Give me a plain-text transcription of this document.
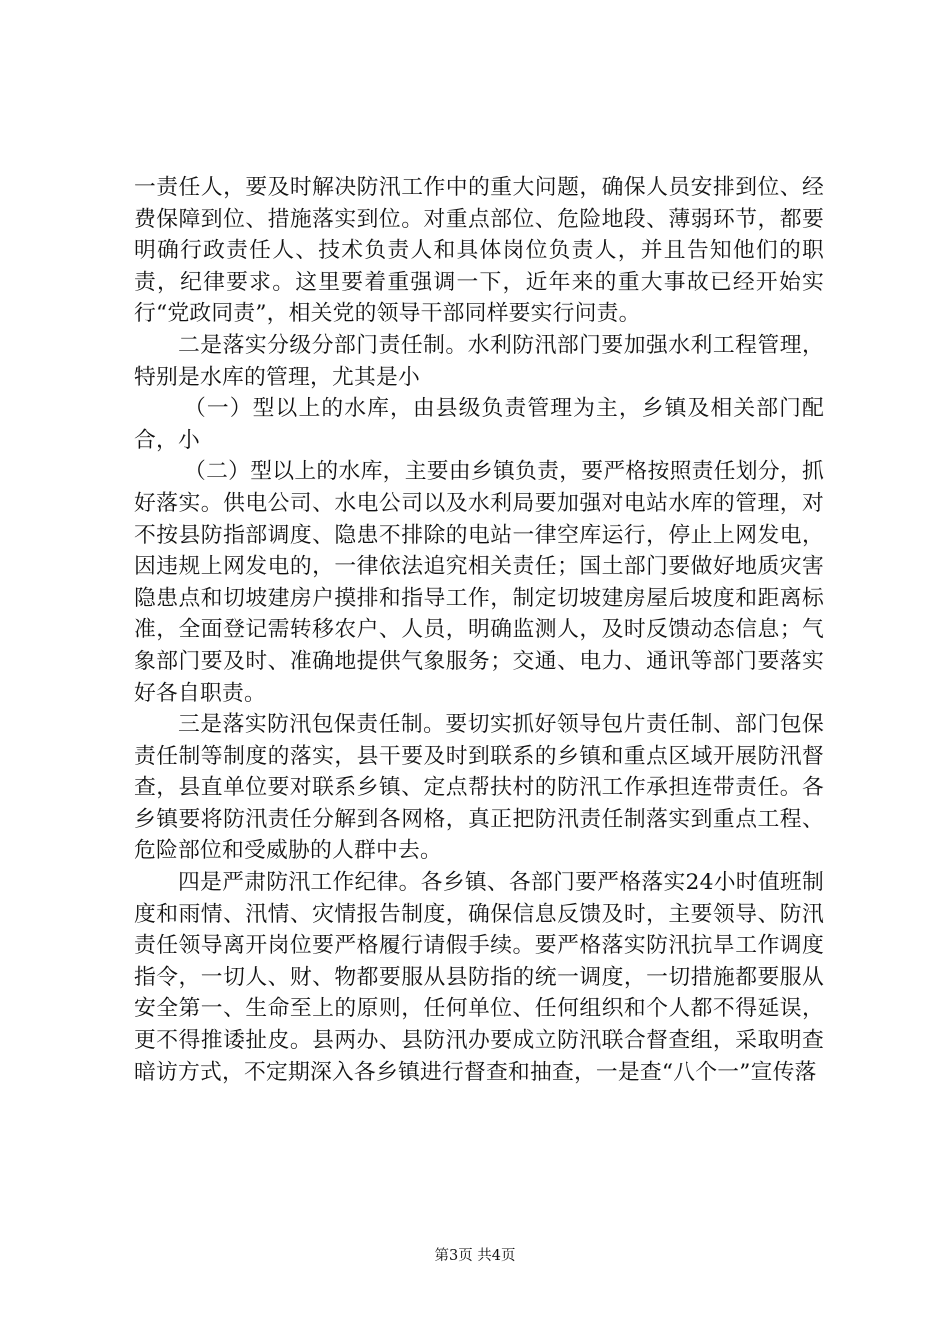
一责任人，要及时解决防汛工作中的重大问题，确保人员安排到位、经费保障到位、措施落实到位。对重点部位、危险地段、薄弱环节，都要明确行政责任人、技术负责人和具体岗位负责人，并且告知他们的职责，纪律要求。这里要着重强调一下，近年来的重大事故已经开始实行“党政同责”，相关党的领导干部同样要实行问责。

二是落实分级分部门责任制。水利防汛部门要加强水利工程管理，特别是水库的管理，尤其是小

（一）型以上的水库，由县级负责管理为主，乡镇及相关部门配合，小

（二）型以上的水库，主要由乡镇负责，要严格按照责任划分，抓好落实。供电公司、水电公司以及水利局要加强对电站水库的管理，对不按县防指部调度、隐患不排除的电站一律空库运行，停止上网发电，因违规上网发电的，一律依法追究相关责任；国土部门要做好地质灾害隐患点和切坡建房户摸排和指导工作，制定切坡建房屋后坡度和距离标准，全面登记需转移农户、人员，明确监测人，及时反馈动态信息；气象部门要及时、准确地提供气象服务；交通、电力、通讯等部门要落实好各自职责。

三是落实防汛包保责任制。要切实抓好领导包片责任制、部门包保责任制等制度的落实，县干要及时到联系的乡镇和重点区域开展防汛督查，县直单位要对联系乡镇、定点帮扶村的防汛工作承担连带责任。各乡镇要将防汛责任分解到各网格，真正把防汛责任制落实到重点工程、危险部位和受威胁的人群中去。

四是严肃防汛工作纪律。各乡镇、各部门要严格落实24小时值班制度和雨情、汛情、灾情报告制度，确保信息反馈及时，主要领导、防汛责任领导离开岗位要严格履行请假手续。要严格落实防汛抗旱工作调度指令，一切人、财、物都要服从县防指的统一调度，一切措施都要服从安全第一、生命至上的原则，任何单位、任何组织和个人都不得延误，更不得推诿扯皮。县两办、县防汛办要成立防汛联合督查组，采取明查暗访方式，不定期深入各乡镇进行督查和抽查，一是查“八个一”宣传落

第3页 共4页
